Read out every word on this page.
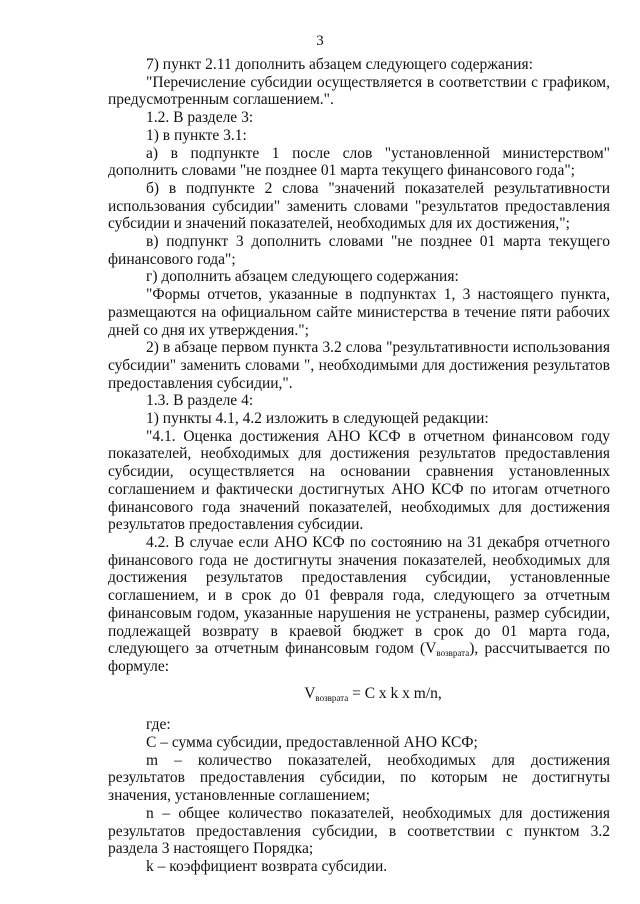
3

7) пункт 2.11 дополнить абзацем следующего содержания:

"Перечисление субсидии осуществляется в соответствии с графиком, предусмотренным соглашением.".

1.2. В разделе 3:

1) в пункте 3.1:

а) в подпункте 1 после слов "установленной министерством" дополнить словами "не позднее 01 марта текущего финансового года";

б) в подпункте 2 слова "значений показателей результативности использования субсидии" заменить словами "результатов предоставления субсидии и значений показателей, необходимых для их достижения,";

в) подпункт 3 дополнить словами "не позднее 01 марта текущего финансового года";

г) дополнить абзацем следующего содержания:

"Формы отчетов, указанные в подпунктах 1, 3 настоящего пункта, размещаются на официальном сайте министерства в течение пяти рабочих дней со дня их утверждения.";

2) в абзаце первом пункта 3.2 слова "результативности использования субсидии" заменить словами ", необходимыми для достижения результатов предоставления субсидии,".

1.3. В разделе 4:

1) пункты 4.1, 4.2 изложить в следующей редакции:

"4.1. Оценка достижения АНО КСФ в отчетном финансовом году показателей, необходимых для достижения результатов предоставления субсидии, осуществляется на основании сравнения установленных соглашением и фактически достигнутых АНО КСФ по итогам отчетного финансового года значений показателей, необходимых для достижения результатов предоставления субсидии.

4.2. В случае если АНО КСФ по состоянию на 31 декабря отчетного финансового года не достигнуты значения показателей, необходимых для достижения результатов предоставления субсидии, установленные соглашением, и в срок до 01 февраля года, следующего за отчетным финансовым годом, указанные нарушения не устранены, размер субсидии, подлежащей возврату в краевой бюджет в срок до 01 марта года, следующего за отчетным финансовым годом $(V_{возврата})$, рассчитывается по формуле:

$V_{возврата} = C$ x k x m/n,

где:

С – сумма субсидии, предоставленной АНО КСФ;

m – количество показателей, необходимых для достижения результатов предоставления субсидии, по которым не достигнуты значения, установленные соглашением;

n – общее количество показателей, необходимых для достижения результатов предоставления субсидии, в соответствии с пунктом 3.2 раздела 3 настоящего Порядка;

k – коэффициент возврата субсидии.
